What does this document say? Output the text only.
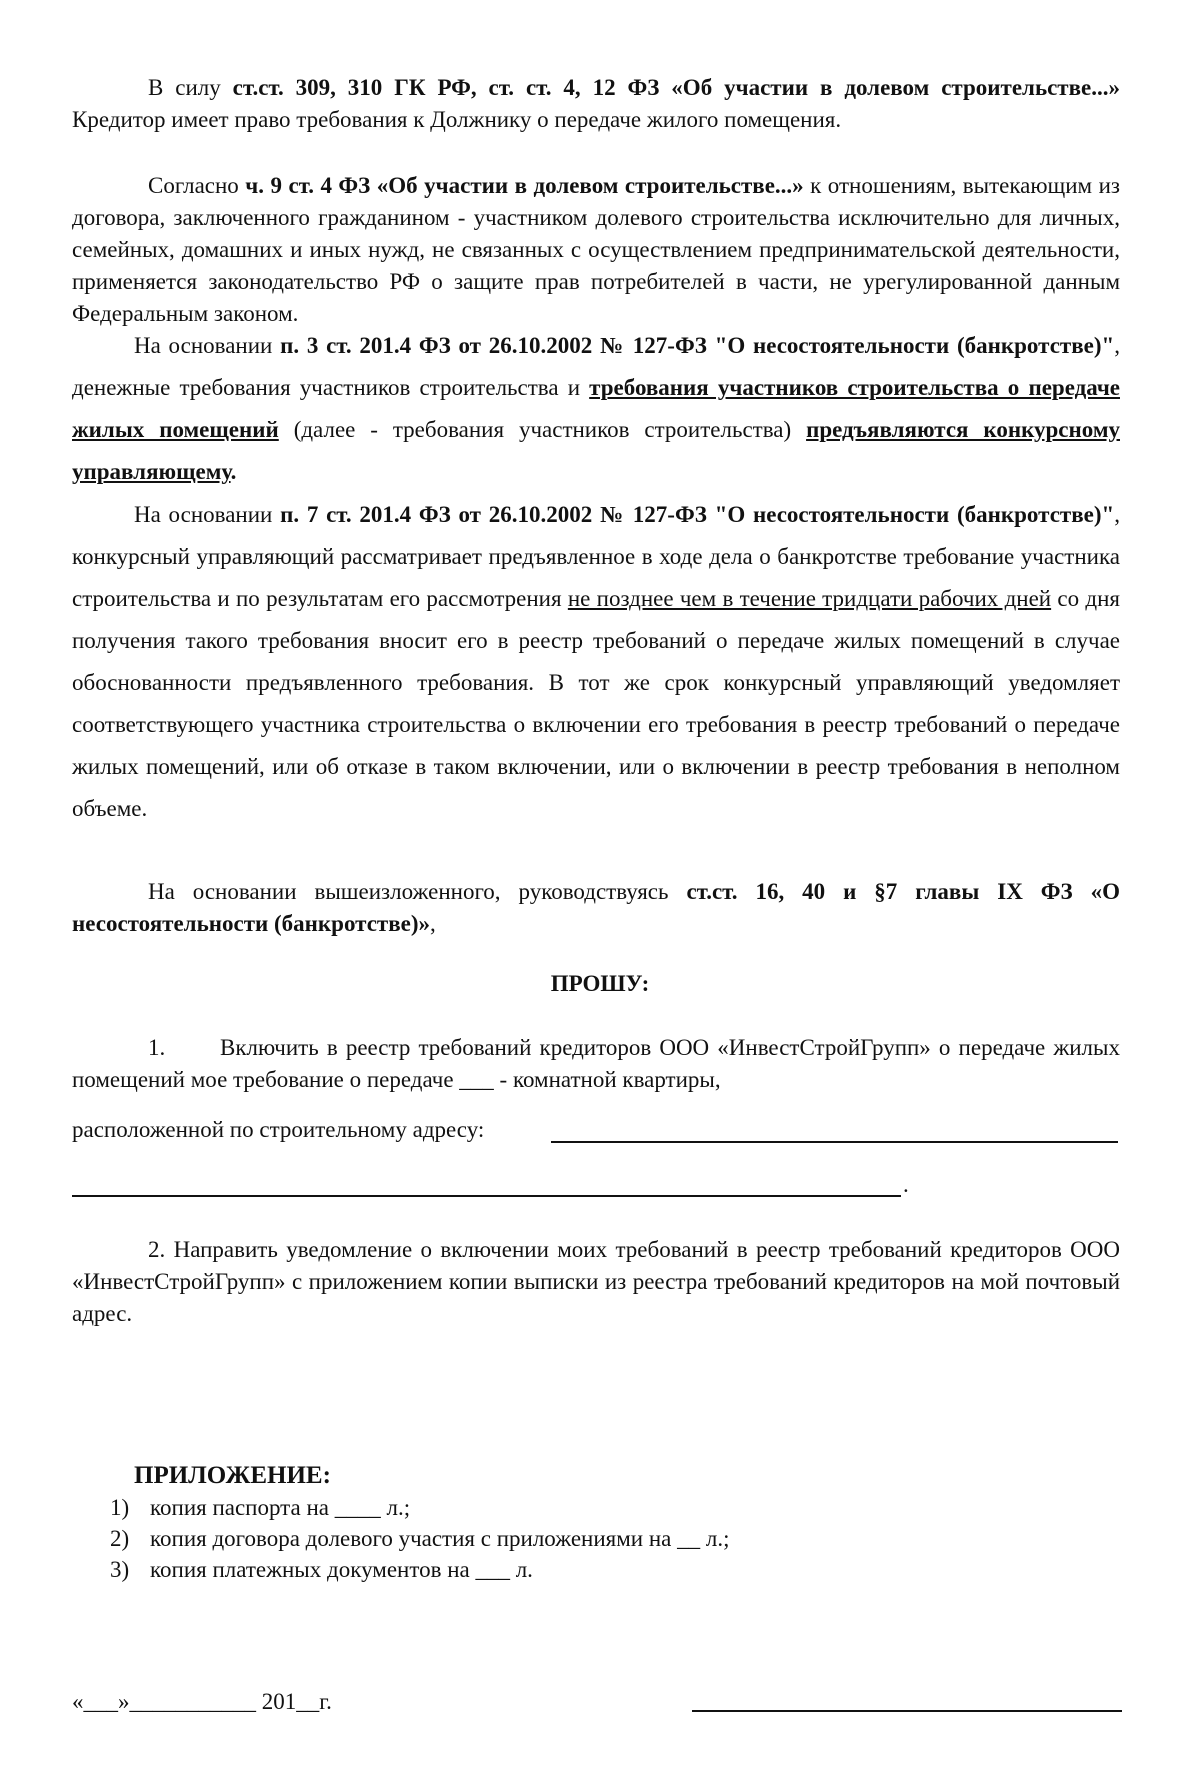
В силу ст.ст. 309, 310 ГК РФ, ст. ст. 4, 12 ФЗ «Об участии в долевом строительстве...» Кредитор имеет право требования к Должнику о передаче жилого помещения.

Согласно ч. 9 ст. 4 ФЗ «Об участии в долевом строительстве...» к отношениям, вытекающим из договора, заключенного гражданином - участником долевого строительства исключительно для личных, семейных, домашних и иных нужд, не связанных с осуществлением предпринимательской деятельности, применяется законодательство РФ о защите прав потребителей в части, не урегулированной данным Федеральным законом.

На основании п. 3 ст. 201.4 ФЗ от 26.10.2002 № 127-ФЗ "О несостоятельности (банкротстве)", денежные требования участников строительства и требования участников строительства о передаче жилых помещений (далее - требования участников строительства) предъявляются конкурсному управляющему.

На основании п. 7 ст. 201.4 ФЗ от 26.10.2002 № 127-ФЗ "О несостоятельности (банкротстве)", конкурсный управляющий рассматривает предъявленное в ходе дела о банкротстве требование участника строительства и по результатам его рассмотрения не позднее чем в течение тридцати рабочих дней со дня получения такого требования вносит его в реестр требований о передаче жилых помещений в случае обоснованности предъявленного требования. В тот же срок конкурсный управляющий уведомляет соответствующего участника строительства о включении его требования в реестр требований о передаче жилых помещений, или об отказе в таком включении, или о включении в реестр требования в неполном объеме.

На основании вышеизложенного, руководствуясь ст.ст. 16, 40 и §7 главы IX ФЗ «О несостоятельности (банкротстве)»,

ПРОШУ:

1. Включить в реестр требований кредиторов ООО «ИнвестСтройГрупп» о передаче жилых помещений мое требование о передаче ___ - комнатной квартиры,

расположенной по строительному адресу:
.

2. Направить уведомление о включении моих требований в реестр требований кредиторов ООО «ИнвестСтройГрупп» с приложением копии выписки из реестра требований кредиторов на мой почтовый адрес.

ПРИЛОЖЕНИЕ:
1) копия паспорта на ____ л.;
2) копия договора долевого участия с приложениями на __ л.;
3) копия платежных документов на ___ л.
«___»___________ 201__г.
